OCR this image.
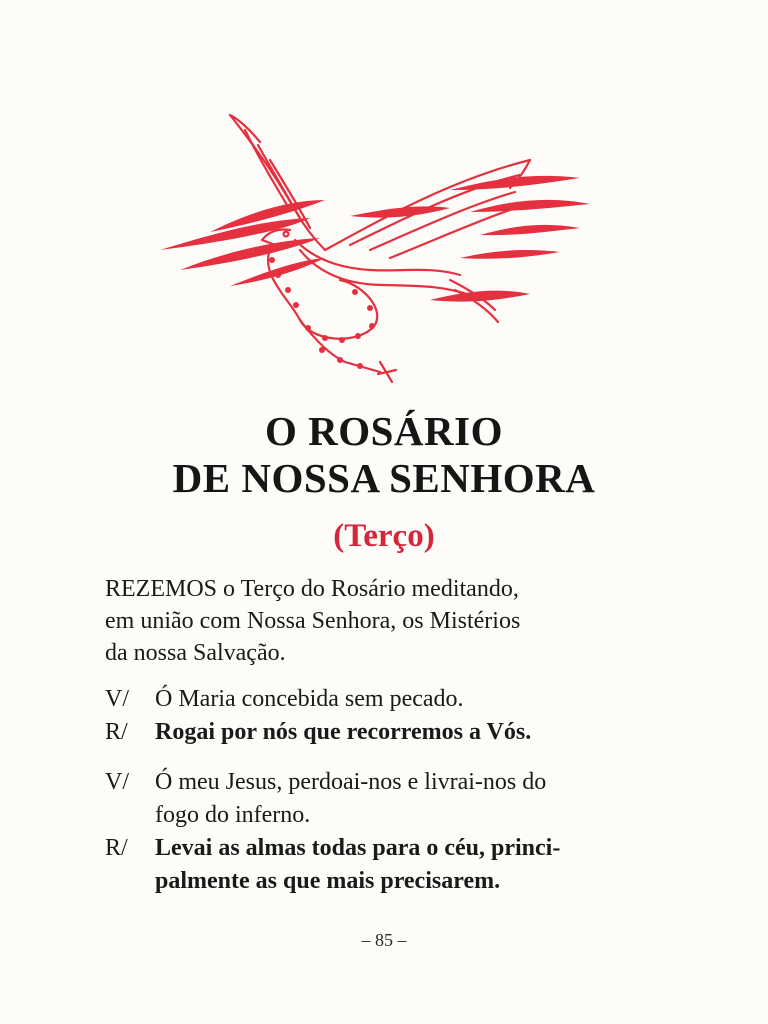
O ROSÁRIO
DE NOSSA SENHORA
(Terço)
REZEMOS o Terço do Rosário meditando,
em união com Nossa Senhora, os Mistérios
da nossa Salvação.
V/	Ó Maria concebida sem pecado.
R/	Rogai por nós que recorremos a Vós.
V/	Ó meu Jesus, perdoai-nos e livrai-nos do
fogo do inferno.
R/	Levai as almas todas para o céu, princi-
palmente as que mais precisarem.
– 85 –
